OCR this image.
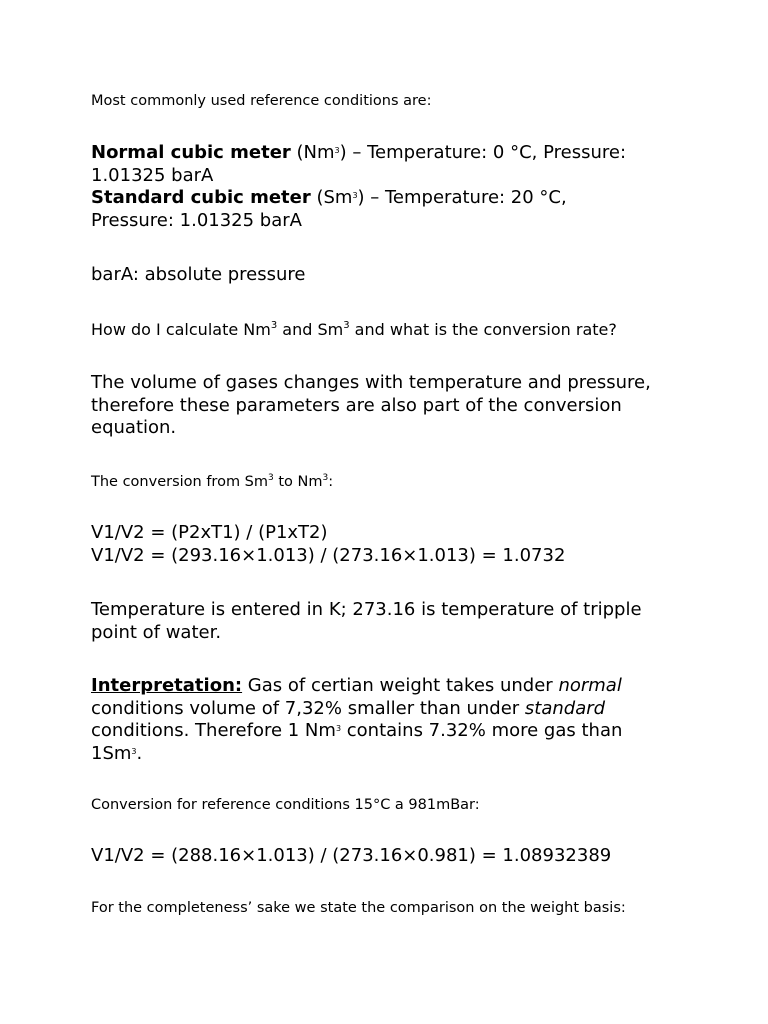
Most commonly used reference conditions are:

Normal cubic meter (Nm$^3$) – Temperature: 0 °C, Pressure: 1.01325 barA

Standard cubic meter (Sm$^3$) – Temperature: 20 °C, Pressure: 1.01325 barA

barA: absolute pressure

How do I calculate Nm$^3$ and Sm$^3$ and what is the conversion rate?

The volume of gases changes with temperature and pressure, therefore these parameters are also part of the conversion equation.

The conversion from Sm$^3$ to Nm$^3$:

V1/V2 = (P2xT1) / (P1xT2)

V1/V2 = (293.16×1.013) / (273.16×1.013) = 1.0732

Temperature is entered in K; 273.16 is temperature of tripple point of water.

Interpretation: Gas of certian weight takes under normal conditions volume of 7,32% smaller than under standard conditions. Therefore 1 Nm$^3$ contains 7.32% more gas than 1Sm$^3$.

Conversion for reference conditions 15°C a 981mBar:

V1/V2 = (288.16×1.013) / (273.16×0.981) = 1.08932389

For the completeness’ sake we state the comparison on the weight basis:
